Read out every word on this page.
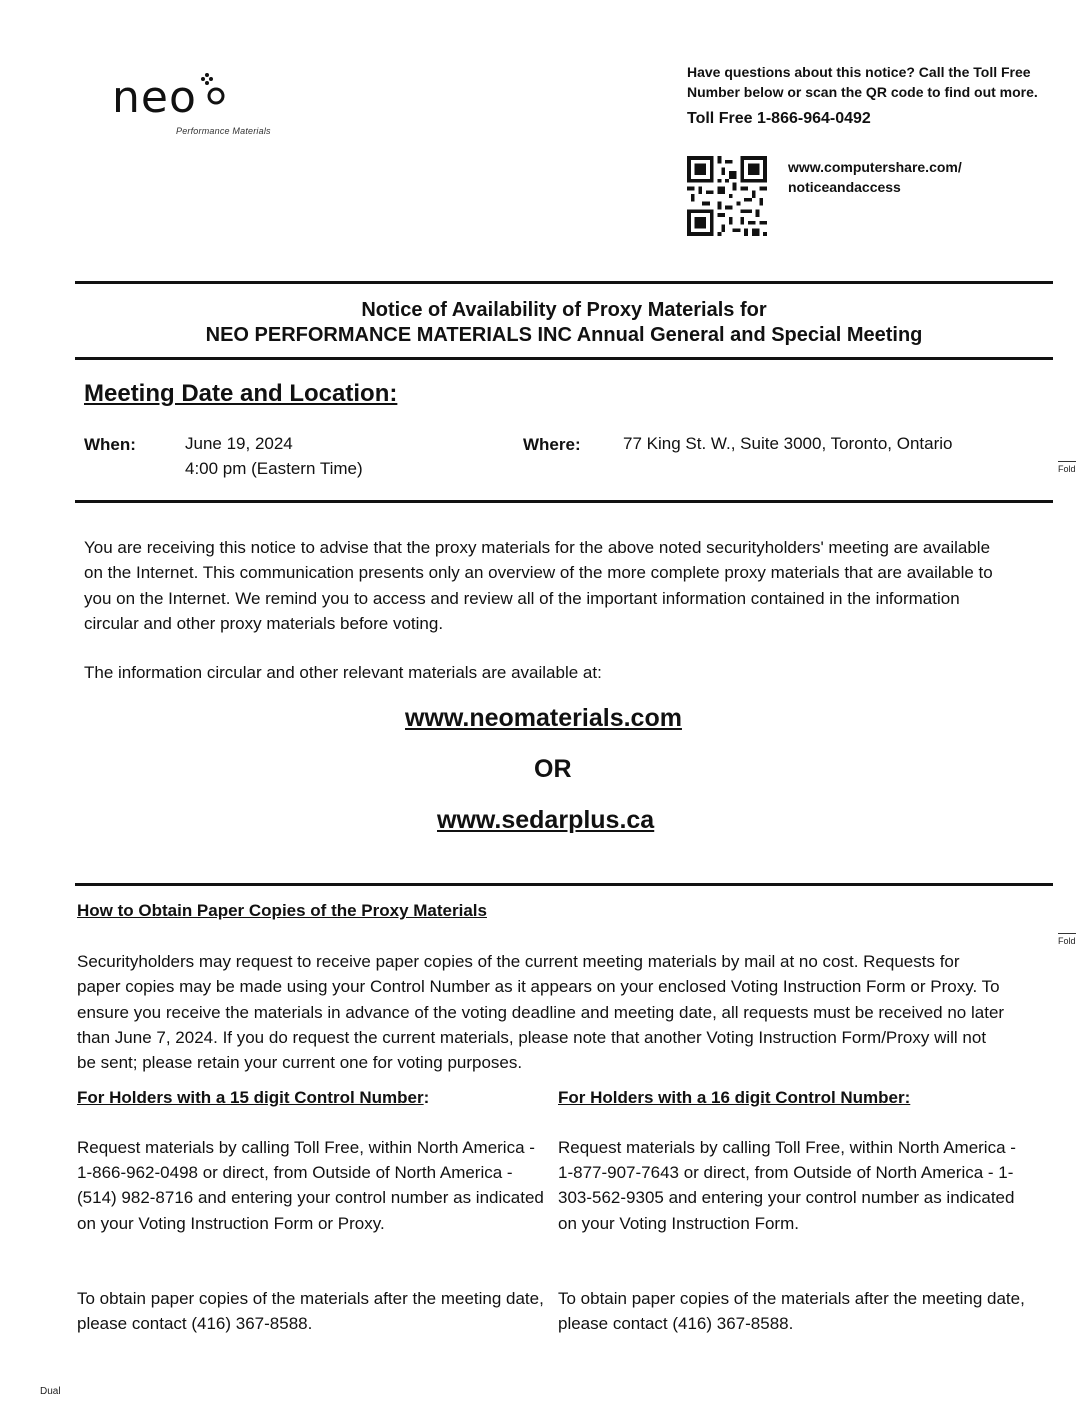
neo
Performance Materials
Have questions about this notice? Call the Toll Free Number below or scan the QR code to find out more.
Toll Free 1-866-964-0492
www.computershare.com/
noticeandaccess
Notice of Availability of Proxy Materials for
NEO PERFORMANCE MATERIALS INC Annual General and Special Meeting
Meeting Date and Location:
When:	June 19, 2024
4:00 pm (Eastern Time)
Where: 77 King St. W., Suite 3000, Toronto, Ontario
Fold
You are receiving this notice to advise that the proxy materials for the above noted securityholders' meeting are available on the Internet. This communication presents only an overview of the more complete proxy materials that are available to you on the Internet. We remind you to access and review all of the important information contained in the information circular and other proxy materials before voting.
The information circular and other relevant materials are available at:
www.neomaterials.com
OR
www.sedarplus.ca
How to Obtain Paper Copies of the Proxy Materials
Fold
Securityholders may request to receive paper copies of the current meeting materials by mail at no cost. Requests for paper copies may be made using your Control Number as it appears on your enclosed Voting Instruction Form or Proxy. To ensure you receive the materials in advance of the voting deadline and meeting date, all requests must be received no later than June 7, 2024. If you do request the current materials, please note that another Voting Instruction Form/Proxy will not be sent; please retain your current one for voting purposes.
For Holders with a 15 digit Control Number:
Request materials by calling Toll Free, within North America - 1-866-962-0498 or direct, from Outside of North America - (514) 982-8716 and entering your control number as indicated on your Voting Instruction Form or Proxy.
To obtain paper copies of the materials after the meeting date, please contact (416) 367-8588.
For Holders with a 16 digit Control Number:
Request materials by calling Toll Free, within North America - 1-877-907-7643 or direct, from Outside of North America - 1-303-562-9305 and entering your control number as indicated on your Voting Instruction Form.
To obtain paper copies of the materials after the meeting date, please contact (416) 367-8588.
Dual
